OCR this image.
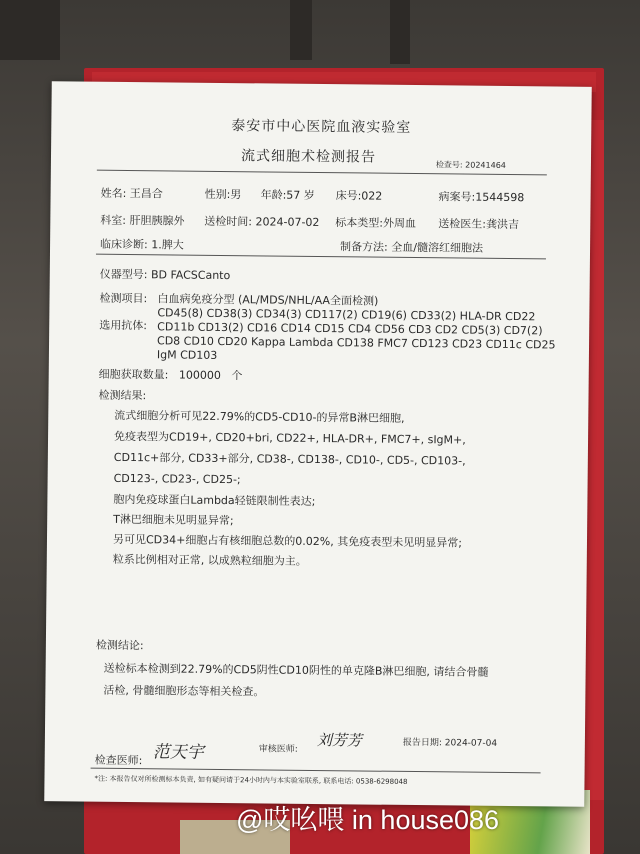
泰安市中心医院血液实验室
流式细胞术检测报告	检查号: 20241464
姓名: 王昌合	性别:男 年龄:57 岁 床号:022	病案号:1544598
科室: 肝胆胰腺外 送检时间: 2024-07-02 标本类型:外周血 送检医生:龚洪吉
临床诊断: 1.脾大	制备方法: 全血/髓溶红细胞法
仪器型号: BD FACSCanto
检测项目: 白血病免疫分型 (AL/MDS/NHL/AA全面检测)
选用抗体:
CD45(8) CD38(3) CD34(3) CD117(2) CD19(6) CD33(2) HLA-DR CD22
CD11b CD13(2) CD16 CD14 CD15 CD4 CD56 CD3 CD2 CD5(3) CD7(2)
CD8 CD10 CD20 Kappa Lambda CD138 FMC7 CD123 CD23 CD11c CD25
IgM CD103
细胞获取数量: 100000 个
检测结果:
流式细胞分析可见22.79%的CD5-CD10-的异常B淋巴细胞,
免疫表型为CD19+, CD20+bri, CD22+, HLA-DR+, FMC7+, sIgM+,
CD11c+部分, CD33+部分, CD38-, CD138-, CD10-, CD5-, CD103-,
CD123-, CD23-, CD25-;
胞内免疫球蛋白Lambda轻链限制性表达;
T淋巴细胞未见明显异常;
另可见CD34+细胞占有核细胞总数的0.02%, 其免疫表型未见明显异常;
粒系比例相对正常, 以成熟粒细胞为主。
检测结论:
送检标本检测到22.79%的CD5阴性CD10阴性的单克隆B淋巴细胞, 请结合骨髓
活检, 骨髓细胞形态等相关检查。
检查医师: 范天宇	审核医师:
刘芳芳	报告日期: 2024-07-04
*注: 本报告仅对所检测标本负责, 如有疑问请于24小时内与本实验室联系, 联系电话: 0538-6298048
@哎吆喂 in house086
